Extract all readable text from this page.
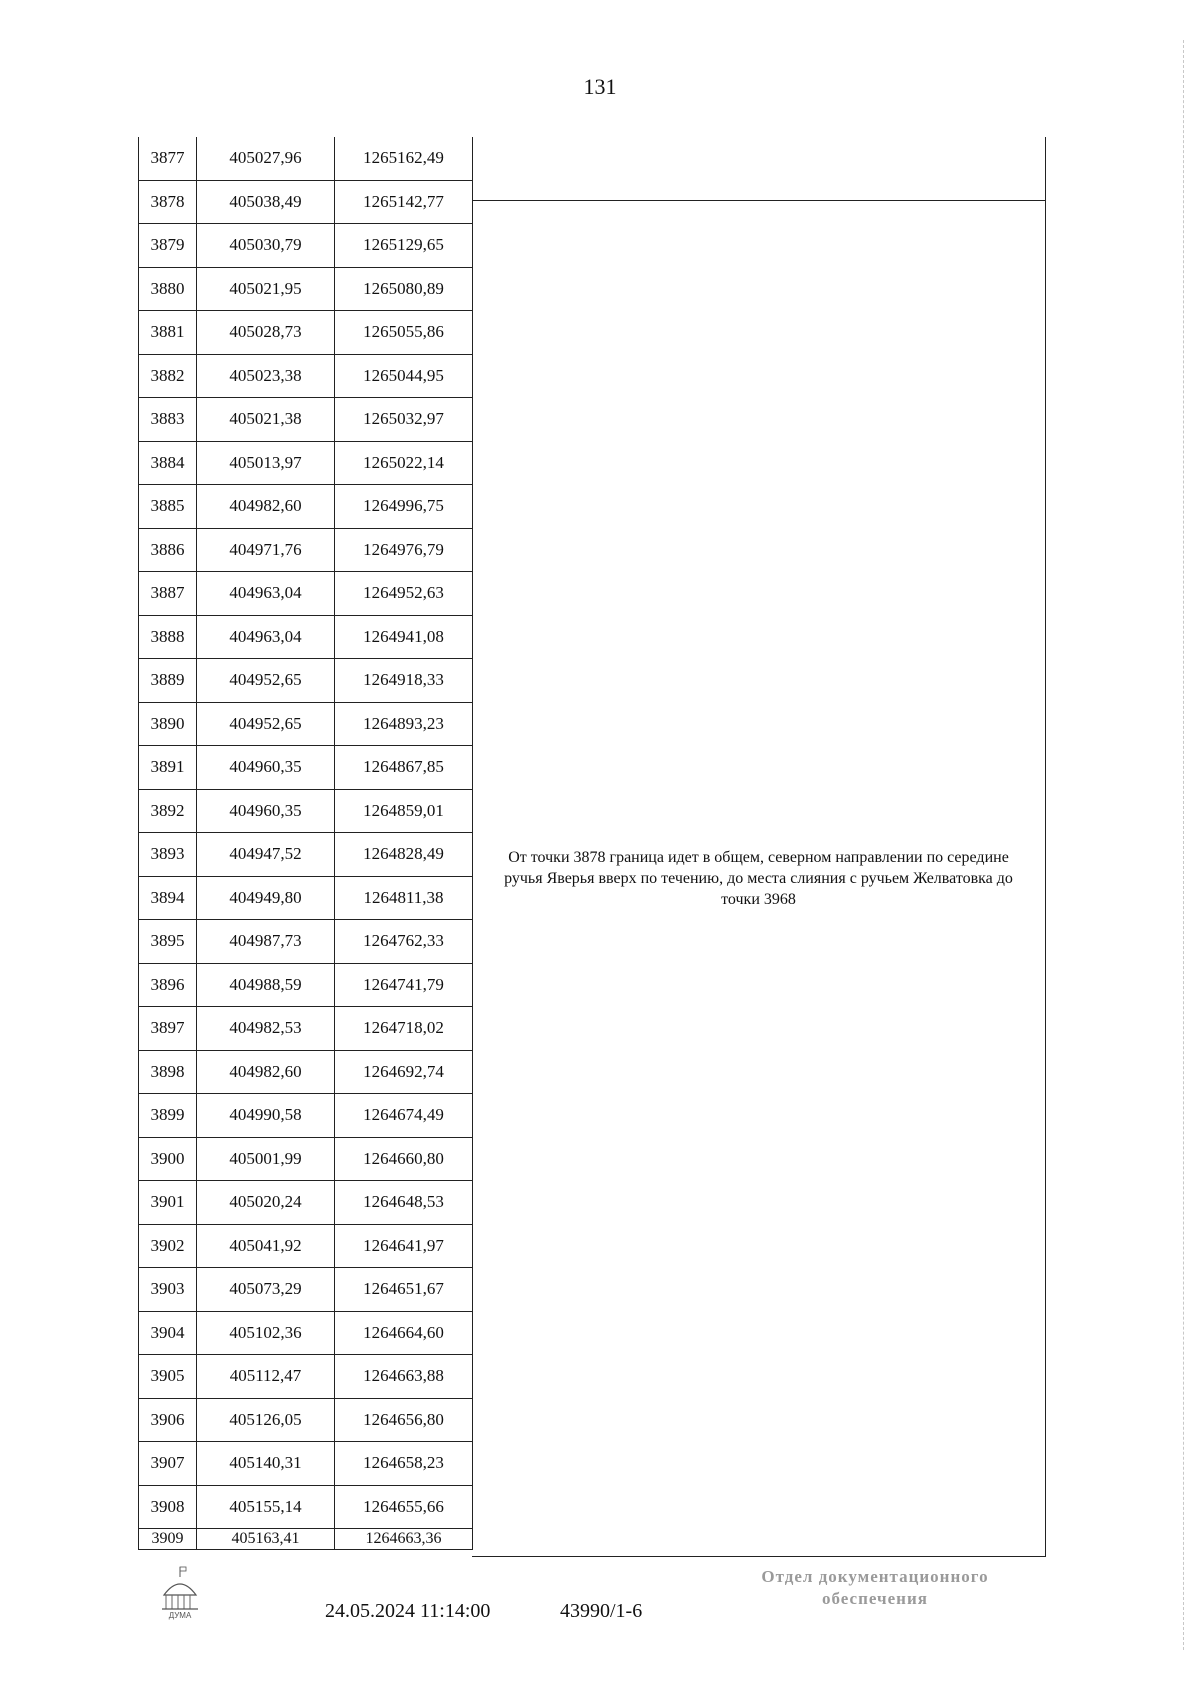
131
3877	405027,96	1265162,49
3878	405038,49	1265142,77
3879	405030,79	1265129,65
3880	405021,95	1265080,89
3881	405028,73	1265055,86
3882	405023,38	1265044,95
3883	405021,38	1265032,97
3884	405013,97	1265022,14
3885	404982,60	1264996,75
3886	404971,76	1264976,79
3887	404963,04	1264952,63
3888	404963,04	1264941,08
3889	404952,65	1264918,33
3890	404952,65	1264893,23
3891	404960,35	1264867,85
3892	404960,35	1264859,01
3893	404947,52	1264828,49
3894	404949,80	1264811,38
3895	404987,73	1264762,33
3896	404988,59	1264741,79
3897	404982,53	1264718,02
3898	404982,60	1264692,74
3899	404990,58	1264674,49
3900	405001,99	1264660,80
3901	405020,24	1264648,53
3902	405041,92	1264641,97
3903	405073,29	1264651,67
3904	405102,36	1264664,60
3905	405112,47	1264663,88
3906	405126,05	1264656,80
3907	405140,31	1264658,23
3908	405155,14	1264655,66
3909	405163,41	1264663,36
От точки 3878 граница идет в общем, северном направлении по середине ручья Яверья вверх по течению, до места слияния с ручьем Желватовка до точки 3968
ДУМА	24.05.2024 11:14:00	43990/1-6
Отдел документационного
обеспечения
